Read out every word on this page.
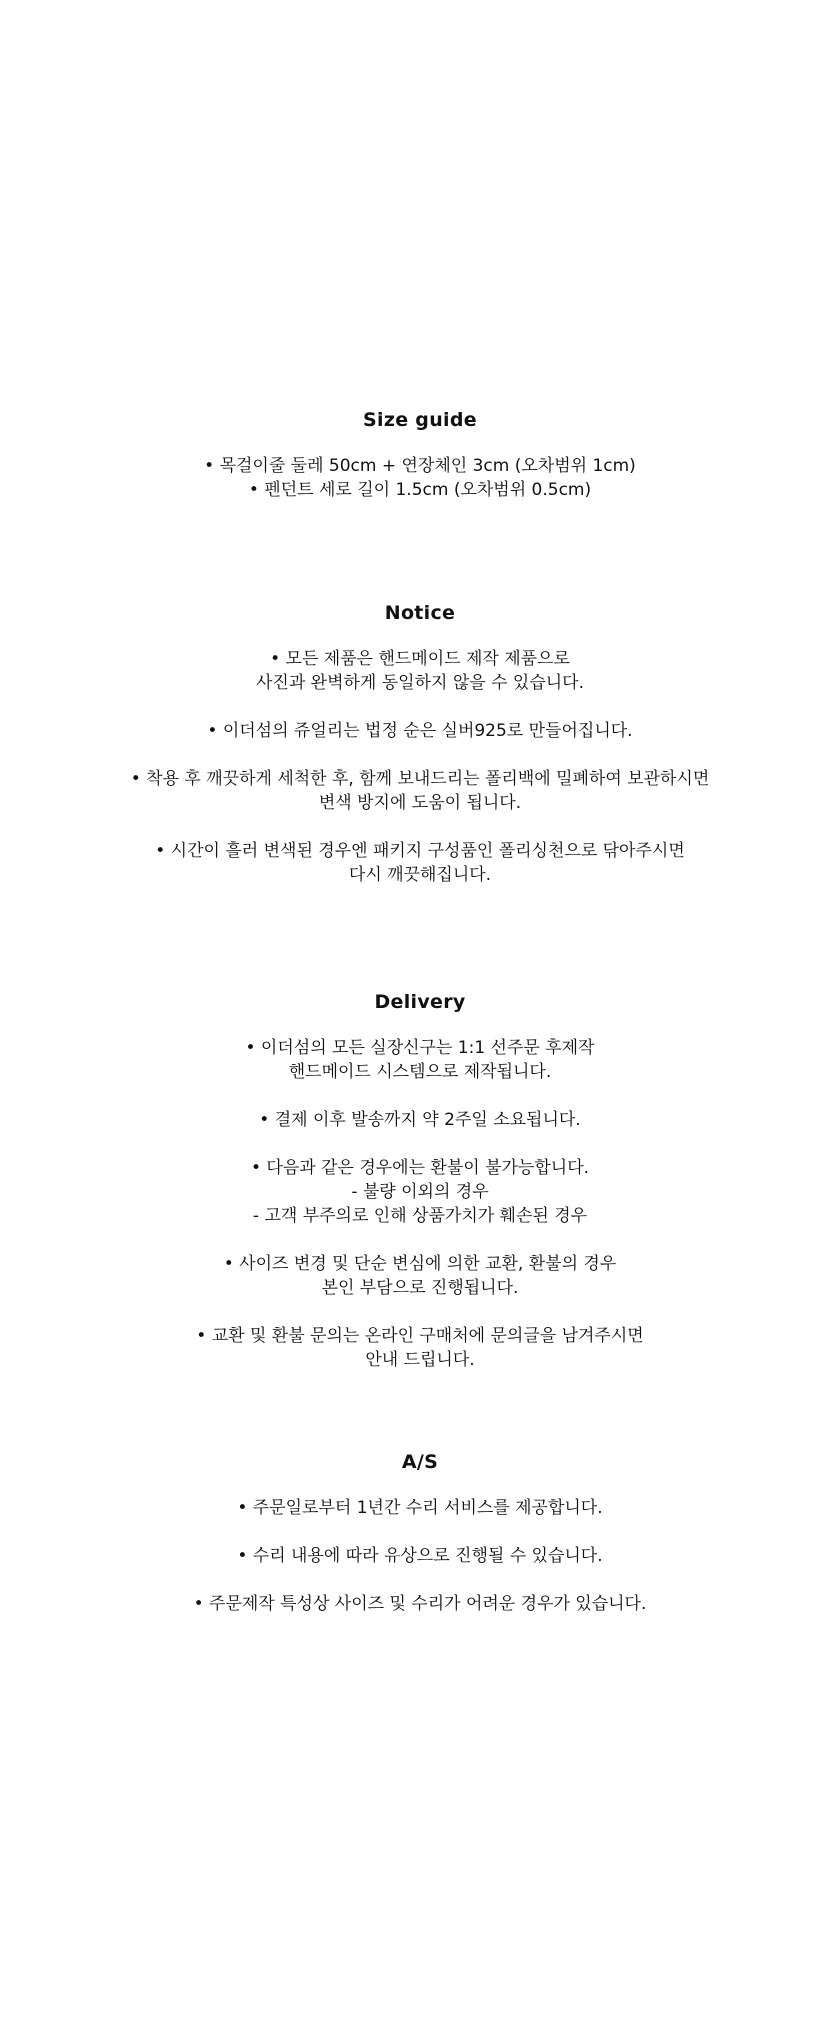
Size guide
• 목걸이줄 둘레 50cm + 연장체인 3cm (오차범위 1cm)
• 펜던트 세로 길이 1.5cm (오차범위 0.5cm)
Notice
• 모든 제품은 핸드메이드 제작 제품으로
사진과 완벽하게 동일하지 않을 수 있습니다.
• 이더섬의 쥬얼리는 법정 순은 실버925로 만들어집니다.
• 착용 후 깨끗하게 세척한 후, 함께 보내드리는 폴리백에 밀폐하여 보관하시면
변색 방지에 도움이 됩니다.
• 시간이 흘러 변색된 경우엔 패키지 구성품인 폴리싱천으로 닦아주시면
다시 깨끗해집니다.
Delivery
• 이더섬의 모든 실장신구는 1:1 선주문 후제작
핸드메이드 시스템으로 제작됩니다.
• 결제 이후 발송까지 약 2주일 소요됩니다.
• 다음과 같은 경우에는 환불이 불가능합니다.
- 불량 이외의 경우
- 고객 부주의로 인해 상품가치가 훼손된 경우
• 사이즈 변경 및 단순 변심에 의한 교환, 환불의 경우
본인 부담으로 진행됩니다.
• 교환 및 환불 문의는 온라인 구매처에 문의글을 남겨주시면
안내 드립니다.
A/S
• 주문일로부터 1년간 수리 서비스를 제공합니다.
• 수리 내용에 따라 유상으로 진행될 수 있습니다.
• 주문제작 특성상 사이즈 및 수리가 어려운 경우가 있습니다.
